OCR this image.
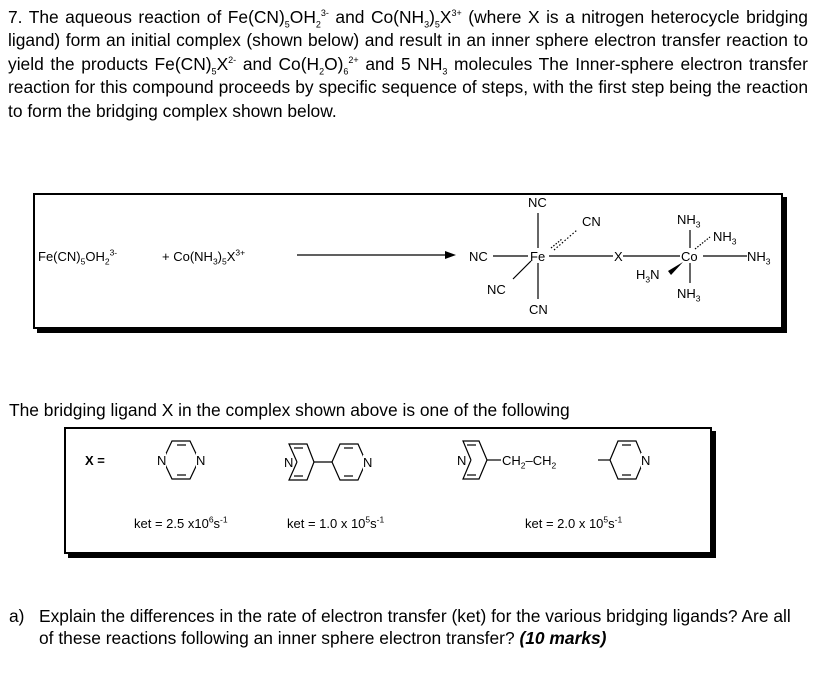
7. The aqueous reaction of $Fe(CN)_5OH_2^{3-}$ and $Co(NH_3)_5X^{3+}$ (where X is a nitrogen heterocycle bridging ligand) form an initial complex (shown below) and result in an inner sphere electron transfer reaction to yield the products $Fe(CN)_5X^{2-}$ and $Co(H_2O)_6^{2+}$ and 5 $NH_3$ molecules The Inner-sphere electron transfer reaction for this compound proceeds by specific sequence of steps, with the first step being the reaction to form the bridging complex shown below.
$Fe(CN)_5OH_2^{3-}$	+ $Co(NH_3)_5X^{3+}$
NC
CN
NC	Fe
NC
CN
X	Co
$NH_3$
$NH_3$
$NH_3$
$H_3N$
$NH_3$
The bridging ligand X in the complex shown above is one of the following
X =	N N	N	N	N	$CH_2-CH_2$	N
ket = 2.5 $x10^6s^{-1}$	ket = 1.0 x $10^5s^{-1}$	ket = 2.0 x $10^5s^{-1}$
a) Explain the differences in the rate of electron transfer (ket) for the various bridging ligands? Are all of these reactions following an inner sphere electron transfer? (10 marks)
